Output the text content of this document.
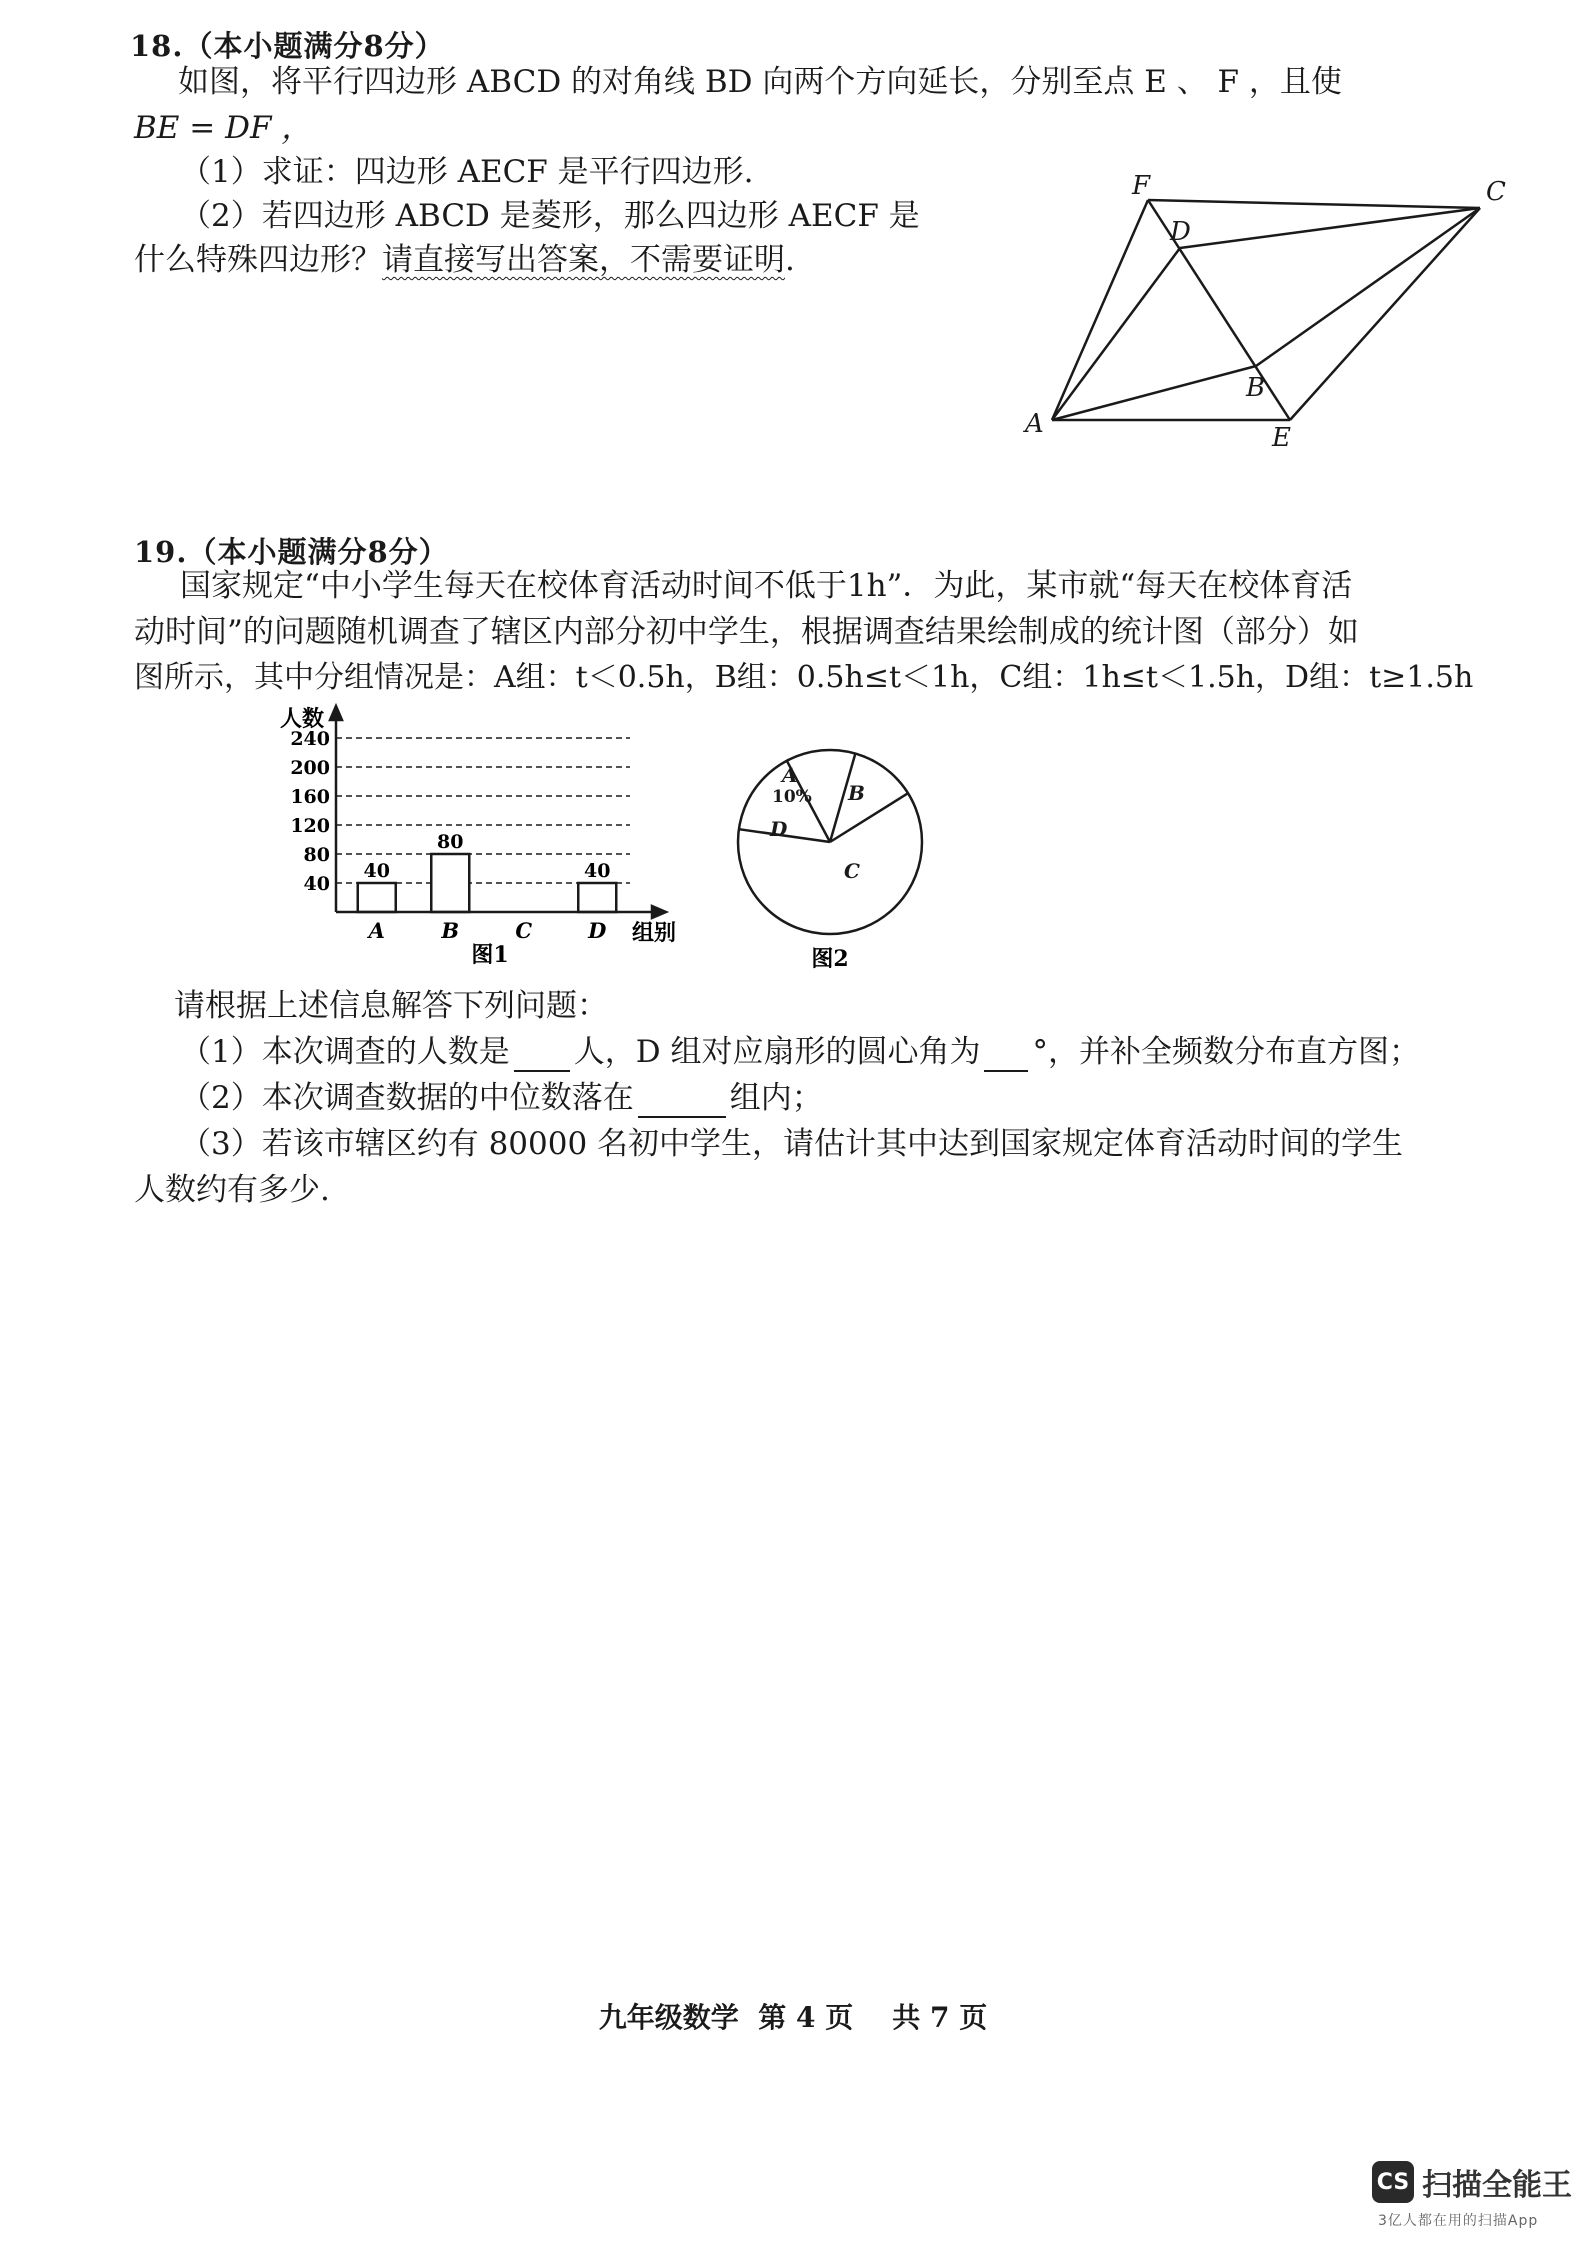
18.（本小题满分8分）
如图，将平行四边形 ABCD 的对角线 BD 向两个方向延长，分别至点 E 、 F ，且使
BE = DF ，
（1）求证：四边形 AECF 是平行四边形.
（2）若四边形 ABCD 是菱形，那么四边形 AECF 是
什么特殊四边形？请直接写出答案，不需要证明.
A	E
C
F
D
B
19.（本小题满分8分）
国家规定“中小学生每天在校体育活动时间不低于1h”．为此，某市就“每天在校体育活
动时间”的问题随机调查了辖区内部分初中学生，根据调查结果绘制成的统计图（部分）如
图所示，其中分组情况是：A组：t＜0.5h，B组：0.5h≤t＜1h，C组：1h≤t＜1.5h，D组：t≥1.5h
40
80
120
160
200
240
40
A
80
B	C
40
D
人数
组别
图1
A
10% B
C
D
图2
请根据上述信息解答下列问题：
（1）本次调查的人数是 人，D 组对应扇形的圆心角为 °，并补全频数分布直方图；
（2）本次调查数据的中位数落在	组内；
（3）若该市辖区约有 80000 名初中学生，请估计其中达到国家规定体育活动时间的学生
人数约有多少.
九年级数学  第 4 页    共 7 页
CS 扫描全能王
3亿人都在用的扫描App
